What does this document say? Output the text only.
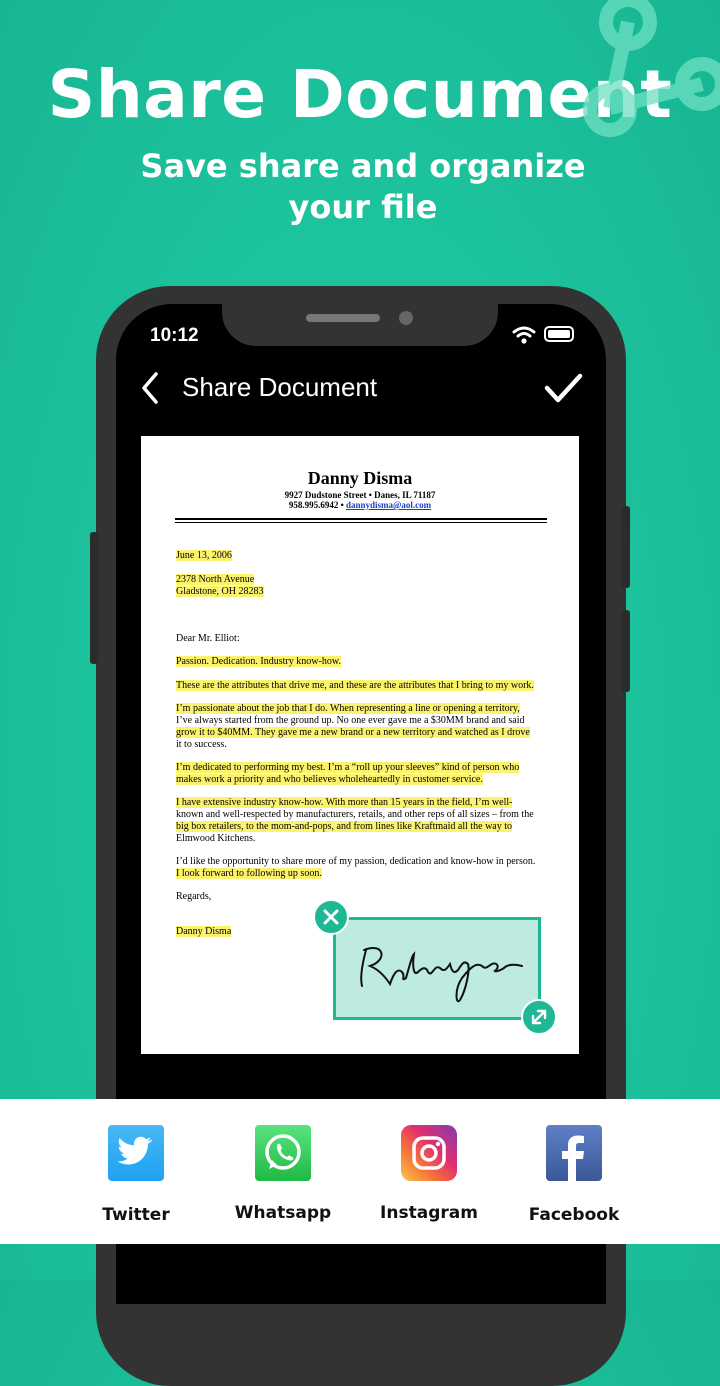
Share Document
Save share and organize your file
10:12
Share Document
Danny Disma
9927 Dudstone Street • Danes, IL 71187
958.995.6942 • dannydisma@aol.com
June 13, 2006
2378 North Avenue
Gladstone, OH 28283
Dear Mr. Elliot:
Passion. Dedication. Industry know-how.
These are the attributes that drive me, and these are the attributes that I bring to my work.
I’m passionate about the job that I do. When representing a line or opening a territory,
I’ve always started from the ground up. No one ever gave me a $30MM brand and said
grow it to $40MM. They gave me a new brand or a new territory and watched as I drove
it to success.
I’m dedicated to performing my best. I’m a “roll up your sleeves” kind of person who
makes work a priority and who believes wholeheartedly in customer service.
I have extensive industry know-how. With more than 15 years in the field, I’m well-
known and well-respected by manufacturers, retails, and other reps of all sizes – from the
big box retailers, to the mom-and-pops, and from lines like Kraftmaid all the way to
Elmwood Kitchens.
I’d like the opportunity to share more of my passion, dedication and know-how in person.
I look forward to following up soon.
Regards,
Danny Disma
Twitter	Whatsapp	Instagram	Facebook
